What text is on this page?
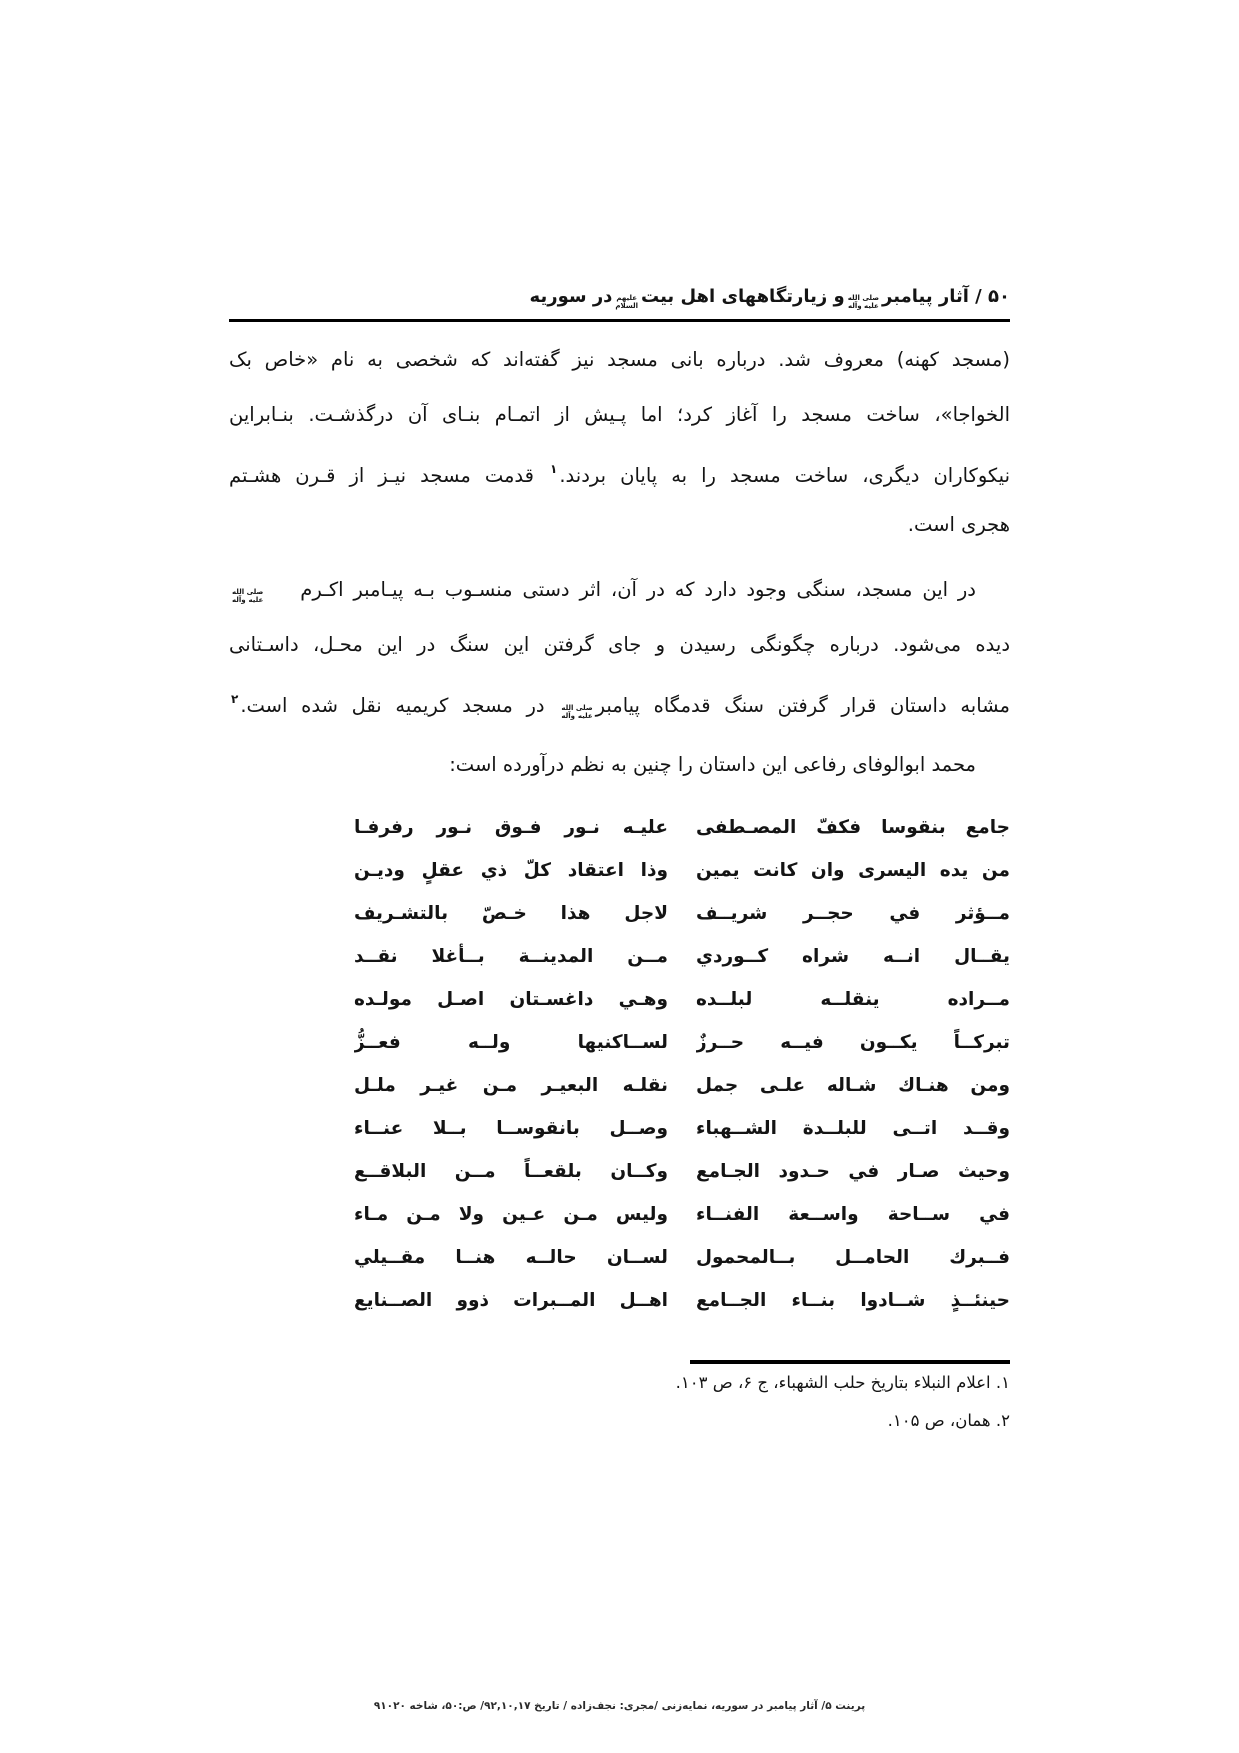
۵۰ / آثار پیامبر
صلى الله
عليه وآله
و زیارتگاههای اهل بیت
عليهم
السلام
در سوریه
(مسجد كهنه) معروف شد. درباره بانی مسجد نیز گفته‌اند که شخصی به نام «خاص بک
الخواجا»، ساخت مسجد را آغاز کرد؛ اما پـیش از اتمـام بنـای آن درگذشـت. بنـابراین
نیکوکاران دیگری، ساخت مسجد را به پایان بردند.$^۱$ قدمت مسجد نیـز از قـرن هشـتم
هجری است.
در این مسجد، سنگی وجود دارد که در آن، اثر دستی منسـوب بـه پیـامبر اکـرم
صلى الله
عليه وآله
دیده می‌شود. درباره چگونگی رسیدن و جای گرفتن این سنگ در این محـل، داسـتانی
مشابه داستان قرار گرفتن سنگ قدمگاه پیامبر
صلى الله
عليه وآله
در مسجد کریمیه نقل شده است.$^۲$
محمد ابوالوفای رفاعی این داستان را چنین به نظم درآورده است:
جامع بنقوسا فكفّ المصـطفى
عليـه نـور فـوق نـور رفرفـا
من يده اليسرى وان كانت يمين
وذا اعتقاد كلّ ذي عقلٍ وديـن
مــؤثر في حجــر شريــف
لاجل هذا خـصّ بالتشـريف
يقــال انــه شراه كــوردي
مــن المدينــة بــأغلا نقــد
مــراده ينقلــه لبلــده
وهـي داغسـتان اصـل مولـده
تبركــاً يكــون فيــه حــرزٌ
لســاكنيها ولــه فعــزُّ
ومن هنـاك شـاله علـى جمل
نقلـه البعيـر مـن غيـر ملـل
وقــد اتــى للبلــدة الشــهباء
وصــل بانقوســا بــلا عنــاء
وحيث صـار في حـدود الجـامع
وكــان بلقعــاً مــن البلاقــع
في ســاحة واســعة الفنــاء
وليس مـن عـين ولا مـن مـاء
فــبرك الحامــل بــالمحمول
لســان حالــه هنــا مقــيلي
حينئــذٍ شــادوا بنــاء الجــامع
اهــل المــبرات ذوو الصــنايع
۱. اعلام النبلاء بتاریخ حلب الشهباء، ج ۶، ص ۱۰۳.
۲. همان، ص ۱۰۵.
پرینت ۵/ آثار پیامبر در سوریه، نمایه‌زنی /مجری: نجف‌زاده / تاریخ ۹۲,۱۰,۱۷/ ص:۵۰، شاخه ۹۱۰۲۰
